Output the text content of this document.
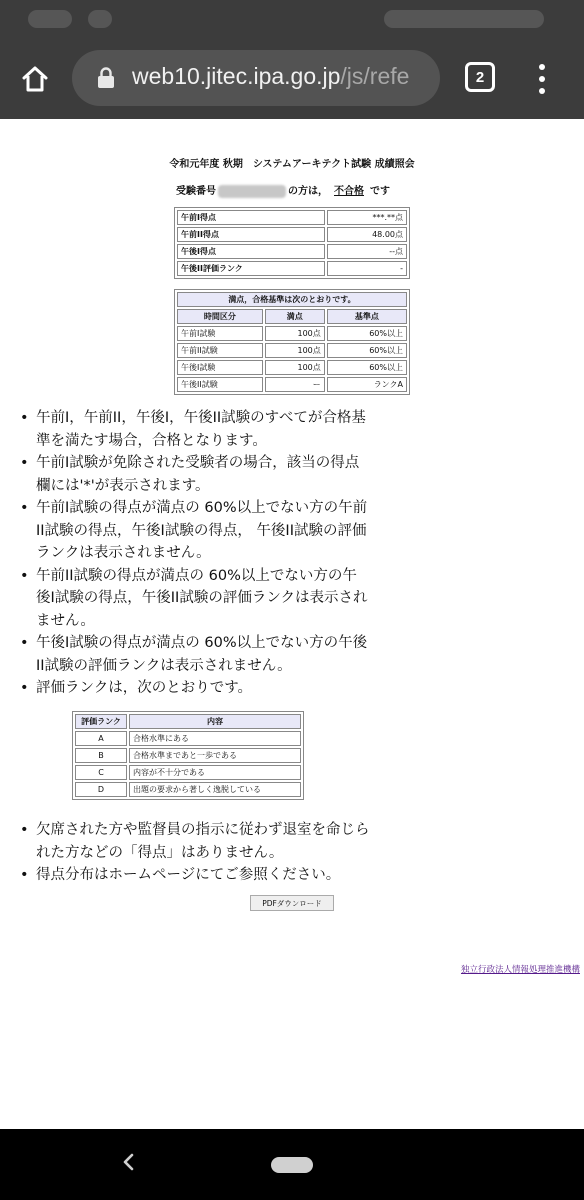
web10.jitec.ipa.go.jp/js/refe	2
令和元年度 秋期　システムアーキテクト試験 成績照会
受験番号	の方は， 不合格 です
午前I得点	***.**点
午前II得点	48.00点
午後I得点	--点
午後II評価ランク	-
満点，合格基準は次のとおりです。		
時間区分	満点	基準点
午前I試験	100点	60%以上
午前II試験	100点	60%以上
午後I試験	100点	60%以上
午後II試験	ー	ランクA
• 午前I，午前II，午後I，午後II試験のすべてが合格基準を満たす場合，合格となります。
• 午前I試験が免除された受験者の場合，該当の得点欄には'*'が表示されます。
• 午前I試験の得点が満点の 60%以上でない方の午前II試験の得点，午後I試験の得点， 午後II試験の評価ランクは表示されません。
• 午前II試験の得点が満点の 60%以上でない方の午後I試験の得点，午後II試験の評価ランクは表示されません。
• 午後I試験の得点が満点の 60%以上でない方の午後II試験の評価ランクは表示されません。
• 評価ランクは，次のとおりです。
評価ランク	内容
A	合格水準にある
B	合格水準まであと一歩である
C	内容が不十分である
D	出題の要求から著しく逸脱している
• 欠席された方や監督員の指示に従わず退室を命じられた方などの「得点」はありません。
• 得点分布はホームページにてご参照ください。
PDFダウンロード
独立行政法人情報処理推進機構
